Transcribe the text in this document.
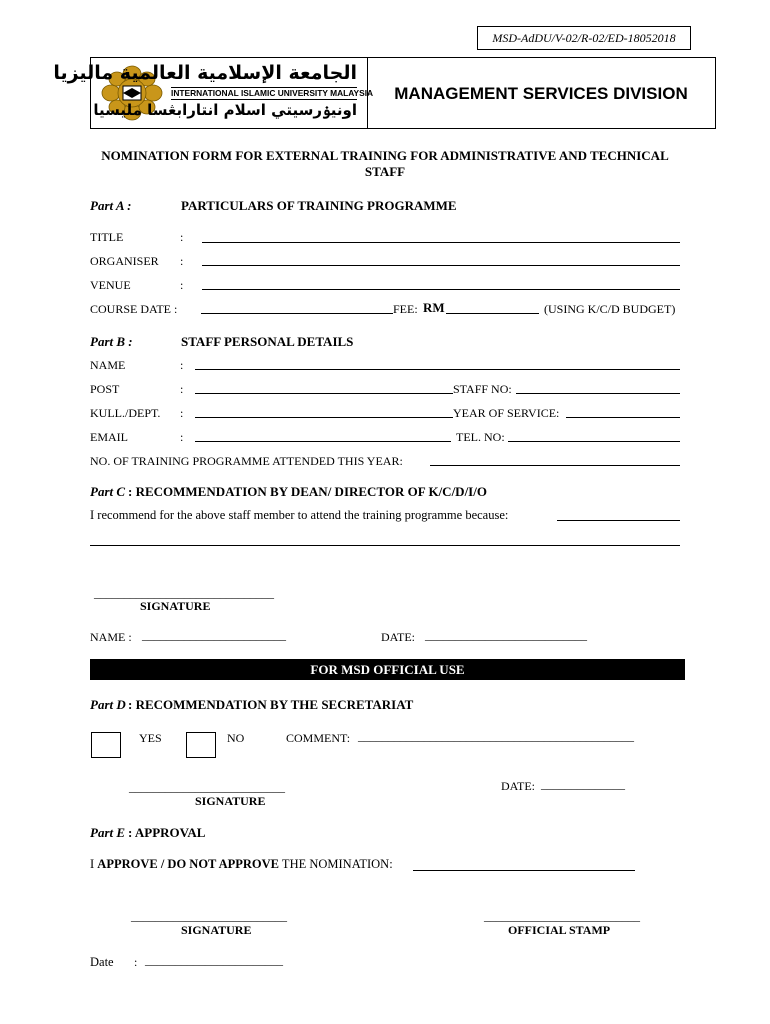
MSD-AdDU/V-02/R-02/ED-18052018
الجامعة الإسلامية العالمية ماليزيا
INTERNATIONAL ISLAMIC UNIVERSITY MALAYSIA
اونيۏرسيتي اسلام انتارابڠسا مليسيا
MANAGEMENT SERVICES DIVISION
NOMINATION FORM FOR EXTERNAL TRAINING FOR ADMINISTRATIVE AND TECHNICAL STAFF
Part A :	PARTICULARS OF TRAINING PROGRAMME
TITLE	:
ORGANISER :
VENUE	:
COURSE DATE :	FEE: RM	(USING K/C/D BUDGET)
Part B :	STAFF PERSONAL DETAILS
NAME	:
POST	:	STAFF NO:
KULL./DEPT. :	YEAR OF SERVICE:
EMAIL	:	TEL. NO:
NO. OF TRAINING PROGRAMME ATTENDED THIS YEAR:
Part C : RECOMMENDATION BY DEAN/ DIRECTOR OF K/C/D/I/O
I recommend for the above staff member to attend the training programme because:
______________________________
SIGNATURE
NAME : ________________________	DATE: ___________________________
FOR MSD OFFICIAL USE
Part D : RECOMMENDATION BY THE SECRETARIAT
YES	NO	COMMENT: ______________________________________________
__________________________
SIGNATURE
DATE: ______________
Part E : APPROVAL
I APPROVE / DO NOT APPROVE THE NOMINATION:
__________________________
SIGNATURE
__________________________
OFFICIAL STAMP
Date : _______________________
